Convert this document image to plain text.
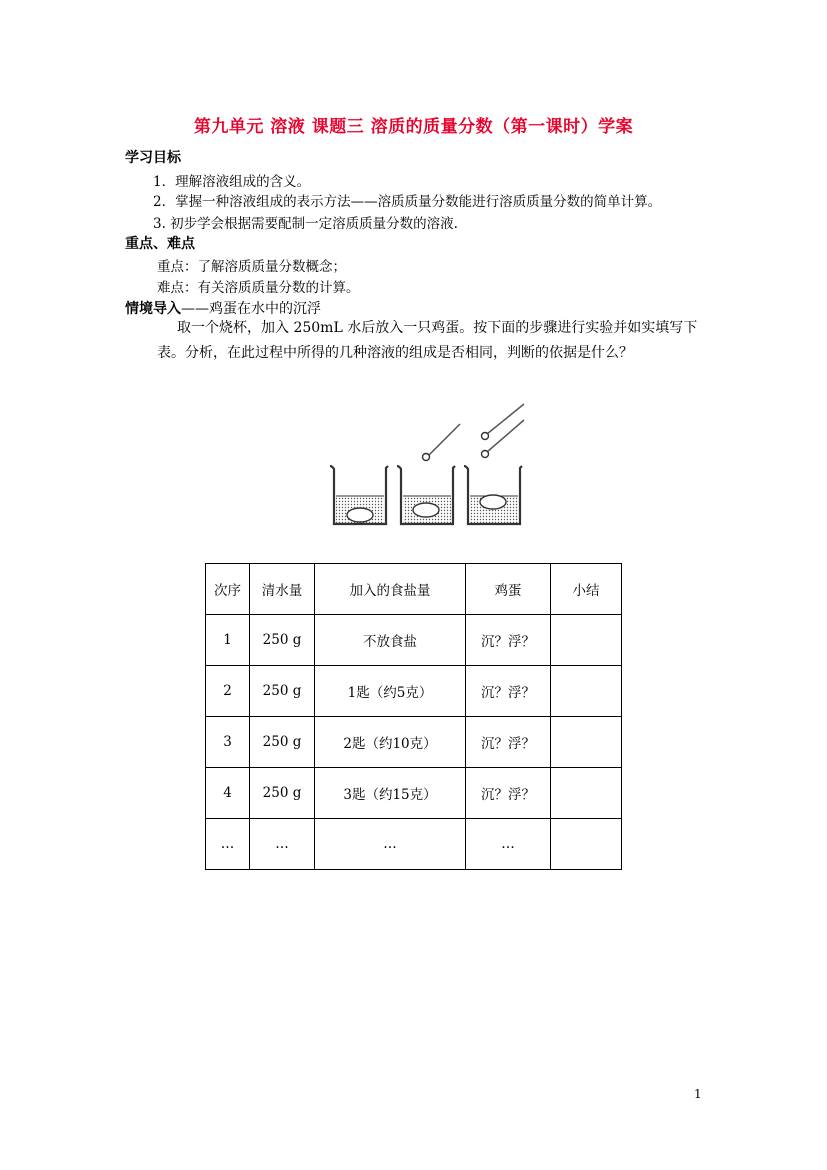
第九单元 溶液 课题三 溶质的质量分数（第一课时）学案
学习目标
1．理解溶液组成的含义。
2．掌握一种溶液组成的表示方法——溶质质量分数能进行溶质质量分数的简单计算。
3. 初步学会根据需要配制一定溶质质量分数的溶液.
重点、难点
重点：了解溶质质量分数概念；
难点：有关溶质质量分数的计算。
情境导入——鸡蛋在水中的沉浮
取一个烧杯，加入 250mL 水后放入一只鸡蛋。按下面的步骤进行实验并如实填写下表。分析，在此过程中所得的几种溶液的组成是否相同，判断的依据是什么？
次序	清水量	加入的食盐量	鸡蛋	小结
1	250 g	不放食盐	沉？浮？	
2	250 g	1匙（约5克）	沉？浮？	
3	250 g	2匙（约10克）	沉？浮？	
4	250 g	3匙（约15克）	沉？浮？	
…	…	…	…	
1
